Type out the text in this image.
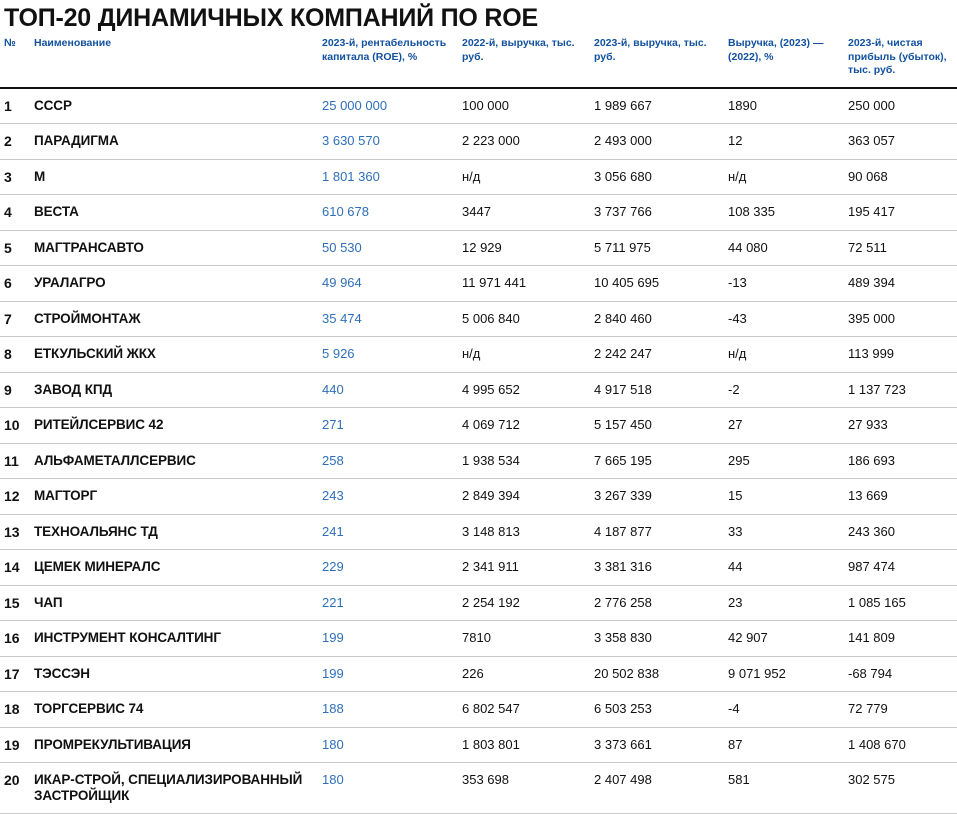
ТОП-20 ДИНАМИЧНЫХ КОМПАНИЙ ПО ROE
№	Наименование	2023-й, рентабельность капитала (ROE), %	2022-й, выручка, тыс. руб.	2023-й, выручка, тыс. руб.	Выручка, (2023) — (2022), %	2023-й, чистая прибыль (убыток), тыс. руб.
1	СССР	25 000 000	100 000	1 989 667	1890	250 000
2	ПАРАДИГМА	3 630 570	2 223 000	2 493 000	12	363 057
3	М	1 801 360	н/д	3 056 680	н/д	90 068
4	ВЕСТА	610 678	3447	3 737 766	108 335	195 417
5	МАГТРАНСАВТО	50 530	12 929	5 711 975	44 080	72 511
6	УРАЛАГРО	49 964	11 971 441	10 405 695	-13	489 394
7	СТРОЙМОНТАЖ	35 474	5 006 840	2 840 460	-43	395 000
8	ЕТКУЛЬСКИЙ ЖКХ	5 926	н/д	2 242 247	н/д	113 999
9	ЗАВОД КПД	440	4 995 652	4 917 518	-2	1 137 723
10	РИТЕЙЛСЕРВИС 42	271	4 069 712	5 157 450	27	27 933
11	АЛЬФАМЕТАЛЛСЕРВИС	258	1 938 534	7 665 195	295	186 693
12	МАГТОРГ	243	2 849 394	3 267 339	15	13 669
13	ТЕХНОАЛЬЯНС ТД	241	3 148 813	4 187 877	33	243 360
14	ЦЕМЕК МИНЕРАЛС	229	2 341 911	3 381 316	44	987 474
15	ЧАП	221	2 254 192	2 776 258	23	1 085 165
16	ИНСТРУМЕНТ КОНСАЛТИНГ	199	7810	3 358 830	42 907	141 809
17	ТЭССЭН	199	226	20 502 838	9 071 952	-68 794
18	ТОРГСЕРВИС 74	188	6 802 547	6 503 253	-4	72 779
19	ПРОМРЕКУЛЬТИВАЦИЯ	180	1 803 801	3 373 661	87	1 408 670
20	ИКАР-СТРОЙ, СПЕЦИАЛИЗИРОВАННЫЙ ЗАСТРОЙЩИК	180	353 698	2 407 498	581	302 575
